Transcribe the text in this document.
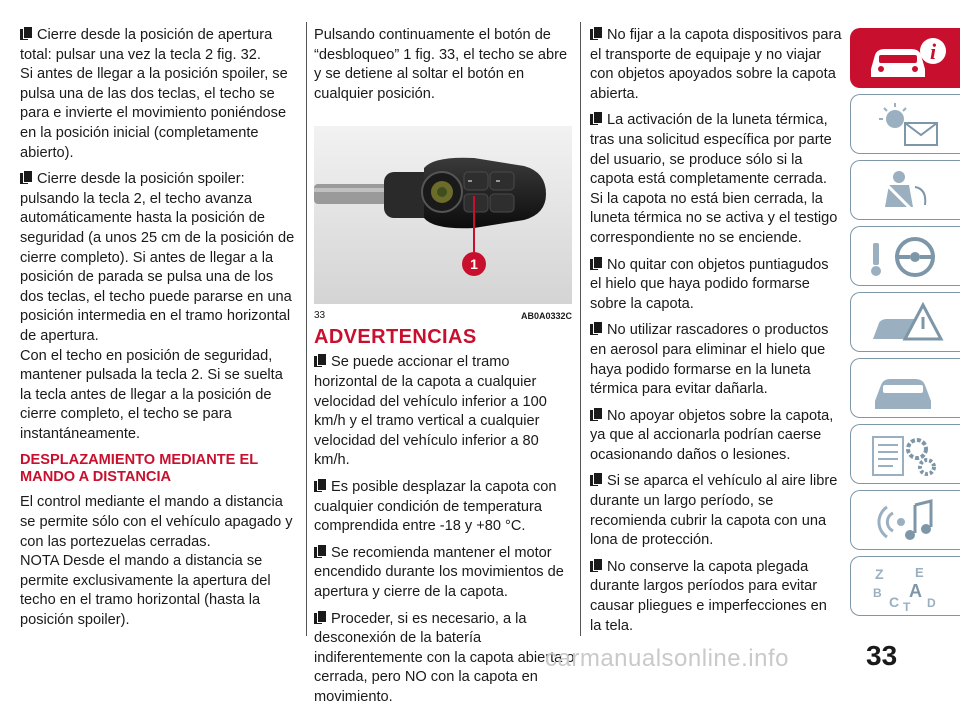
Cierre desde la posición de apertura total: pulsar una vez la tecla 2 fig. 32.
Si antes de llegar a la posición spoiler, se pulsa una de las dos teclas, el techo se para e invierte el movimiento poniéndose en la posición inicial (completamente abierto).

Cierre desde la posición spoiler: pulsando la tecla 2, el techo avanza automáticamente hasta la posición de seguridad (a unos 25 cm de la posición de cierre completo). Si antes de llegar a la posición de parada se pulsa una de los dos teclas, el techo puede pararse en una posición intermedia en el tramo horizontal de apertura.
Con el techo en posición de seguridad, mantener pulsada la tecla 2. Si se suelta la tecla antes de llegar a la posición de cierre completo, el techo se para instantáneamente.

DESPLAZAMIENTO MEDIANTE EL MANDO A DISTANCIA

El control mediante el mando a distancia se permite sólo con el vehículo apagado y con las portezuelas cerradas.

NOTA Desde el mando a distancia se permite exclusivamente la apertura del techo en el tramo horizontal (hasta la posición spoiler).

Pulsando continuamente el botón de “desbloqueo” 1 fig. 33, el techo se abre y se detiene al soltar el botón en cualquier posición.

1
33	AB0A0332C
ADVERTENCIAS

Se puede accionar el tramo horizontal de la capota a cualquier velocidad del vehículo inferior a 100 km/h y el tramo vertical a cualquier velocidad del vehículo inferior a 80 km/h.

Es posible desplazar la capota con cualquier condición de temperatura comprendida entre -18 y +80 °C.

Se recomienda mantener el motor encendido durante los movimientos de apertura y cierre de la capota.

Proceder, si es necesario, a la desconexión de la batería indiferentemente con la capota abierta o cerrada, pero NO con la capota en movimiento.

No fijar a la capota dispositivos para el transporte de equipaje y no viajar con objetos apoyados sobre la capota abierta.

La activación de la luneta térmica, tras una solicitud específica por parte del usuario, se produce sólo si la capota está completamente cerrada. Si la capota no está bien cerrada, la luneta térmica no se activa y el testigo correspondiente no se enciende.

No quitar con objetos puntiagudos el hielo que haya podido formarse sobre la capota.

No utilizar rascadores o productos en aerosol para eliminar el hielo que haya podido formarse en la luneta térmica para evitar dañarla.

No apoyar objetos sobre la capota, ya que al accionarla podrían caerse ocasionando daños o lesiones.

Si se aparca el vehículo al aire libre durante un largo período, se recomienda cubrir la capota con una lona de protección.

No conserve la capota plegada durante largos períodos para evitar causar pliegues e imperfecciones en la tela.

i
Z E
B A
C T D
carmanualsonline.info	33
